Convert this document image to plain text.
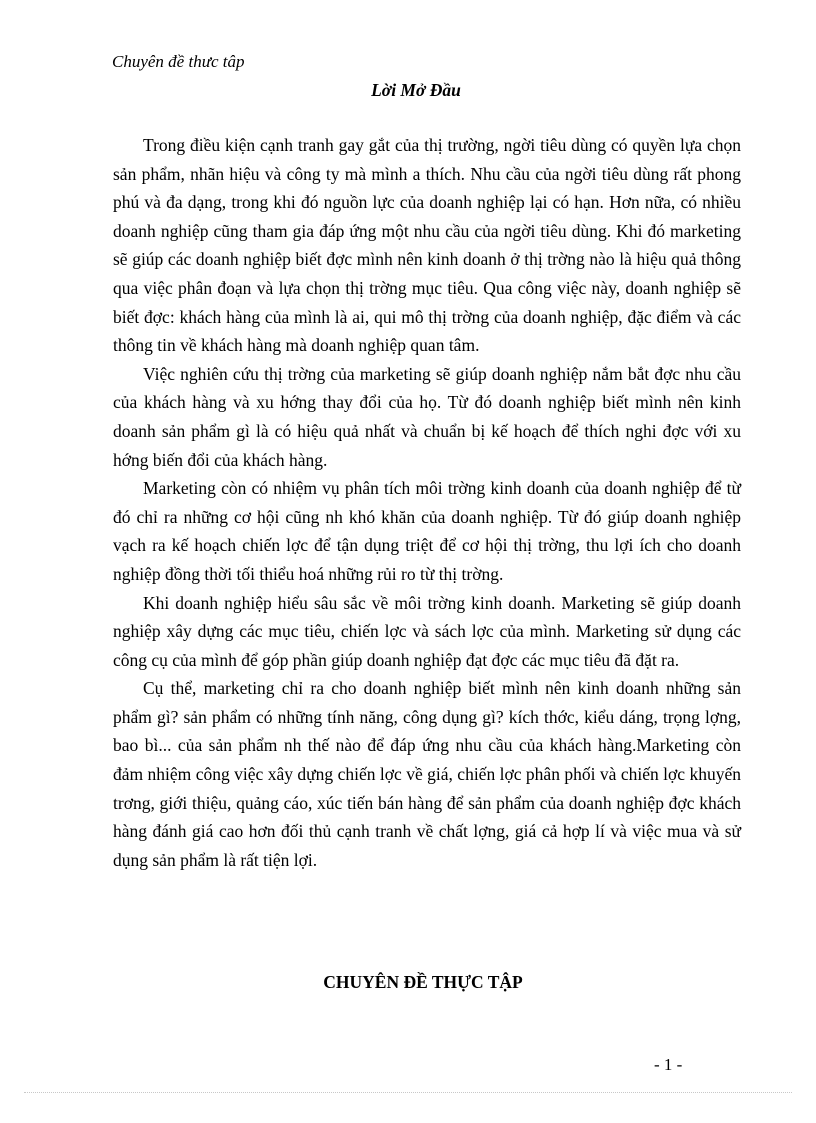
Chuyên đề thưc tâp
Lời Mở Đầu

Trong điều kiện cạnh tranh gay gắt của thị trường, ngời tiêu dùng có quyền lựa chọn sản phẩm, nhãn hiệu và công ty mà mình a thích. Nhu cầu của ngời tiêu dùng rất phong phú và đa dạng, trong khi đó nguồn lực của doanh nghiệp lại có hạn. Hơn nữa, có nhiều doanh nghiệp cũng tham gia đáp ứng một nhu cầu của ngời tiêu dùng. Khi đó marketing sẽ giúp các doanh nghiệp biết đợc mình nên kinh doanh ở thị trờng nào là hiệu quả thông qua việc phân đoạn và lựa chọn thị trờng mục tiêu. Qua công việc này, doanh nghiệp sẽ biết đợc: khách hàng của mình là ai, qui mô thị trờng của doanh nghiệp, đặc điểm và các thông tin về khách hàng mà doanh nghiệp quan tâm.

Việc nghiên cứu thị trờng của marketing sẽ giúp doanh nghiệp nắm bắt đợc nhu cầu của khách hàng và xu hớng thay đổi của họ. Từ đó doanh nghiệp biết mình nên kinh doanh sản phẩm gì là có hiệu quả nhất và chuẩn bị kế hoạch để thích nghi đợc với xu hớng biến đổi của khách hàng.

Marketing còn có nhiệm vụ phân tích môi trờng kinh doanh của doanh nghiệp để từ đó chỉ ra những cơ hội cũng nh khó khăn của doanh nghiệp. Từ đó giúp doanh nghiệp vạch ra kế hoạch chiến lợc để tận dụng triệt để cơ hội thị trờng, thu lợi ích cho doanh nghiệp đồng thời tối thiểu hoá những rủi ro từ thị trờng.

Khi doanh nghiệp hiểu sâu sắc về môi trờng kinh doanh. Marketing sẽ giúp doanh nghiệp xây dựng các mục tiêu, chiến lợc và sách lợc của mình. Marketing sử dụng các công cụ của mình để góp phần giúp doanh nghiệp đạt đợc các mục tiêu đã đặt ra.

Cụ thể, marketing chỉ ra cho doanh nghiệp biết mình nên kinh doanh những sản phẩm gì? sản phẩm có những tính năng, công dụng gì? kích thớc, kiểu dáng, trọng lợng, bao bì... của sản phẩm nh thế nào để đáp ứng nhu cầu của khách hàng.Marketing còn đảm nhiệm công việc xây dựng chiến lợc về giá, chiến lợc phân phối và chiến lợc khuyến trơng, giới thiệu, quảng cáo, xúc tiến bán hàng để sản phẩm của doanh nghiệp đợc khách hàng đánh giá cao hơn đối thủ cạnh tranh về chất lợng, giá cả hợp lí và việc mua và sử dụng sản phẩm là rất tiện lợi.

CHUYÊN ĐỀ THỰC TẬP
- 1 -
